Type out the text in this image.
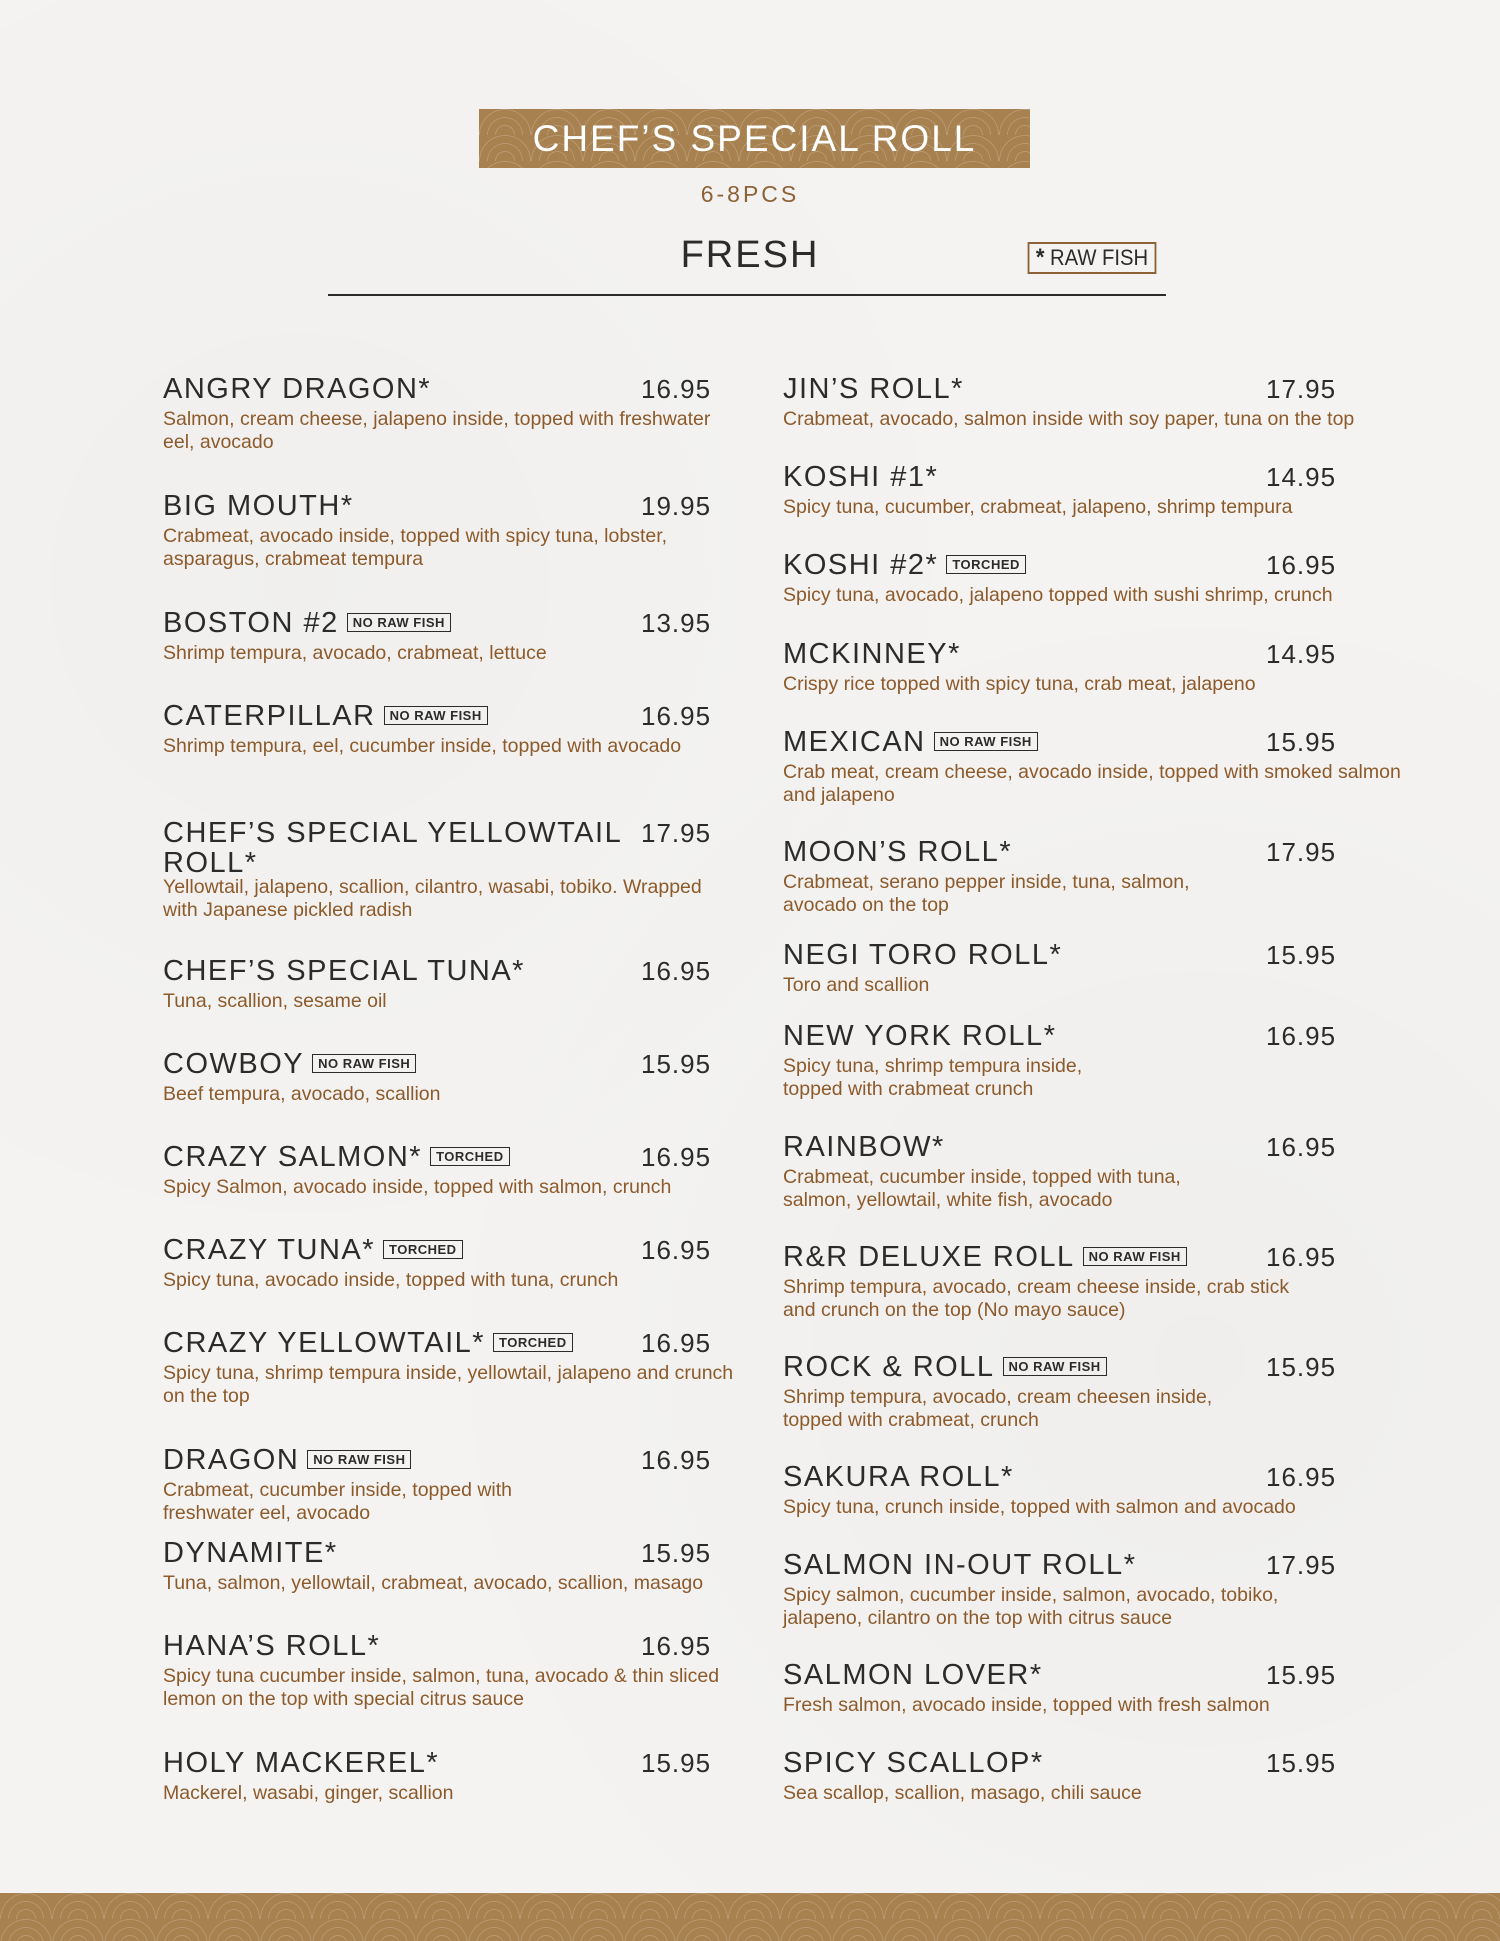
CHEF’S SPECIAL ROLL
6-8PCS
FRESH	* RAW FISH
ANGRY DRAGON*	16.95
Salmon, cream cheese, jalapeno inside, topped with freshwater eel, avocado
BIG MOUTH*	19.95
Crabmeat, avocado inside, topped with spicy tuna, lobster, asparagus, crabmeat tempura
BOSTON #2 NO RAW FISH	13.95
Shrimp tempura, avocado, crabmeat, lettuce
CATERPILLAR NO RAW FISH	16.95
Shrimp tempura, eel, cucumber inside, topped with avocado
CHEF’S SPECIAL YELLOWTAIL ROLL*
17.95
Yellowtail, jalapeno, scallion, cilantro, wasabi, tobiko. Wrapped with Japanese pickled radish
CHEF’S SPECIAL TUNA*	16.95
Tuna, scallion, sesame oil
COWBOY NO RAW FISH	15.95
Beef tempura, avocado, scallion
CRAZY SALMON* TORCHED	16.95
Spicy Salmon, avocado inside, topped with salmon, crunch
CRAZY TUNA* TORCHED	16.95
Spicy tuna, avocado inside, topped with tuna, crunch
CRAZY YELLOWTAIL* TORCHED	16.95
Spicy tuna, shrimp tempura inside, yellowtail, jalapeno and crunch on the top
DRAGON NO RAW FISH	16.95
Crabmeat, cucumber inside, topped with freshwater eel, avocado
DYNAMITE*	15.95
Tuna, salmon, yellowtail, crabmeat, avocado, scallion, masago
HANA’S ROLL*	16.95
Spicy tuna cucumber inside, salmon, tuna, avocado & thin sliced lemon on the top with special citrus sauce
HOLY MACKEREL*	15.95
Mackerel, wasabi, ginger, scallion
JIN’S ROLL*	17.95
Crabmeat, avocado, salmon inside with soy paper, tuna on the top
KOSHI #1*	14.95
Spicy tuna, cucumber, crabmeat, jalapeno, shrimp tempura
KOSHI #2* TORCHED	16.95
Spicy tuna, avocado, jalapeno topped with sushi shrimp, crunch
MCKINNEY*	14.95
Crispy rice topped with spicy tuna, crab meat, jalapeno
MEXICAN NO RAW FISH	15.95
Crab meat, cream cheese, avocado inside, topped with smoked salmon and jalapeno
MOON’S ROLL*	17.95
Crabmeat, serano pepper inside, tuna, salmon, avocado on the top
NEGI TORO ROLL*	15.95
Toro and scallion
NEW YORK ROLL*	16.95
Spicy tuna, shrimp tempura inside, topped with crabmeat crunch
RAINBOW*	16.95
Crabmeat, cucumber inside, topped with tuna, salmon, yellowtail, white fish, avocado
R&R DELUXE ROLL NO RAW FISH	16.95
Shrimp tempura, avocado, cream cheese inside, crab stick and crunch on the top (No mayo sauce)
ROCK & ROLL NO RAW FISH	15.95
Shrimp tempura, avocado, cream cheesen inside, topped with crabmeat, crunch
SAKURA ROLL*	16.95
Spicy tuna, crunch inside, topped with salmon and avocado
SALMON IN-OUT ROLL*	17.95
Spicy salmon, cucumber inside, salmon, avocado, tobiko, jalapeno, cilantro on the top with citrus sauce
SALMON LOVER*	15.95
Fresh salmon, avocado inside, topped with fresh salmon
SPICY SCALLOP*	15.95
Sea scallop, scallion, masago, chili sauce
